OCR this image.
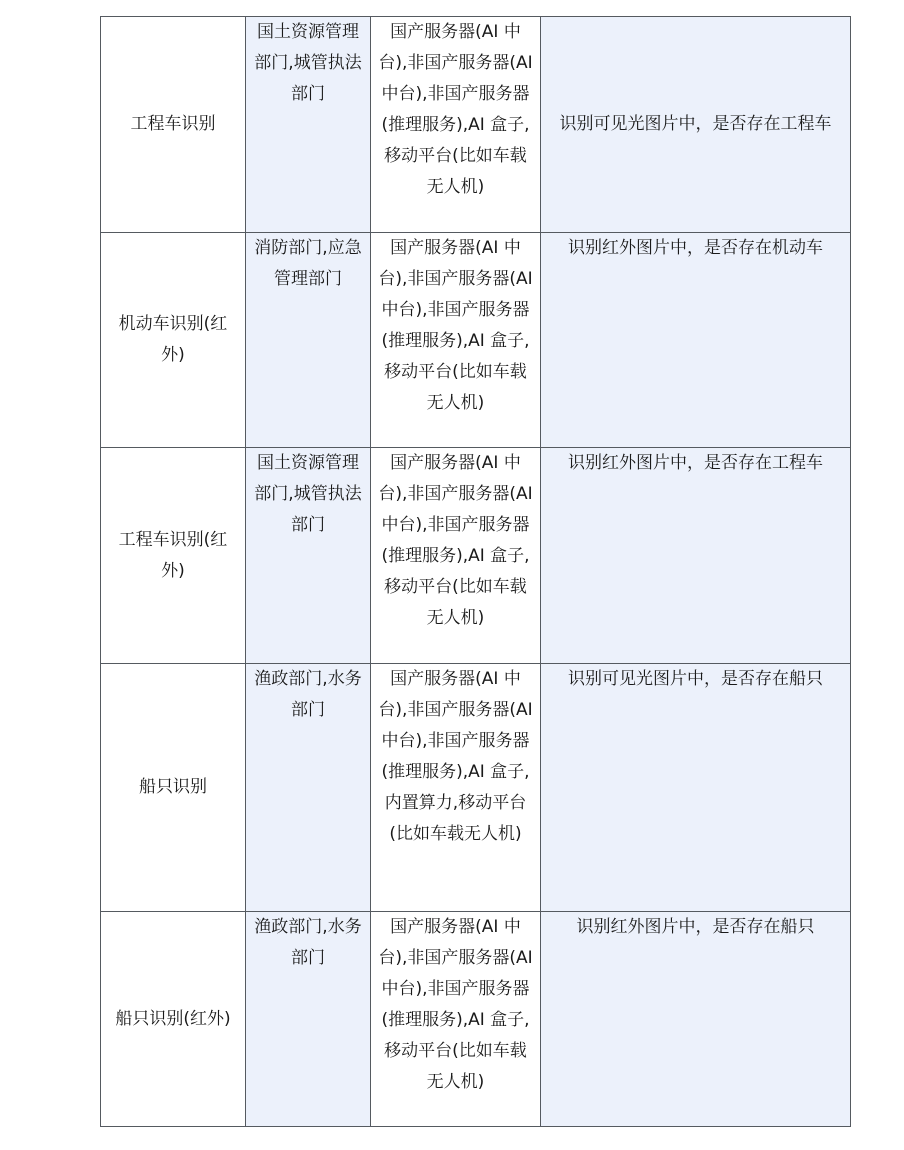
工程车识别	国土资源管理部门,城管执法部门	国产服务器(AI 中台),非国产服务器(AI 中台),非国产服务器(推理服务),AI 盒子,移动平台(比如车载无人机)	识别可见光图片中，是否存在工程车
机动车识别(红外)	消防部门,应急管理部门	国产服务器(AI 中台),非国产服务器(AI 中台),非国产服务器(推理服务),AI 盒子,移动平台(比如车载无人机)	识别红外图片中，是否存在机动车
工程车识别(红外)	国土资源管理部门,城管执法部门	国产服务器(AI 中台),非国产服务器(AI 中台),非国产服务器(推理服务),AI 盒子,移动平台(比如车载无人机)	识别红外图片中，是否存在工程车
船只识别	渔政部门,水务部门	国产服务器(AI 中台),非国产服务器(AI 中台),非国产服务器(推理服务),AI 盒子,内置算力,移动平台(比如车载无人机)	识别可见光图片中，是否存在船只
船只识别(红外)	渔政部门,水务部门	国产服务器(AI 中台),非国产服务器(AI 中台),非国产服务器(推理服务),AI 盒子,移动平台(比如车载无人机)	识别红外图片中，是否存在船只
